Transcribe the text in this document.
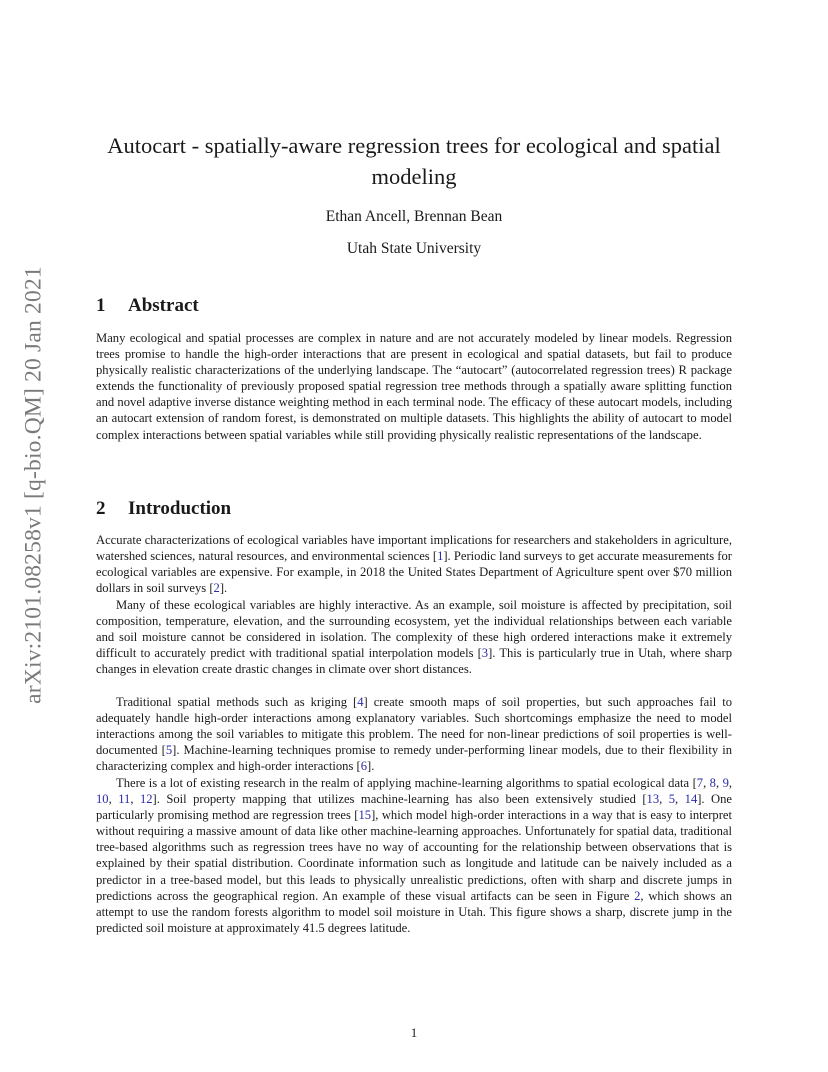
arXiv:2101.08258v1 [q-bio.QM] 20 Jan 2021
Autocart - spatially-aware regression trees for ecological and spatial modeling
Ethan Ancell, Brennan Bean
Utah State University
1 Abstract

Many ecological and spatial processes are complex in nature and are not accurately modeled by linear models. Regression trees promise to handle the high-order interactions that are present in ecological and spatial datasets, but fail to produce physically realistic characterizations of the underlying landscape. The “autocart” (autocorrelated regression trees) R package extends the functionality of previously proposed spatial regression tree methods through a spatially aware splitting function and novel adaptive inverse distance weighting method in each terminal node. The efficacy of these autocart models, including an autocart extension of random forest, is demonstrated on multiple datasets. This highlights the ability of autocart to model complex interactions between spatial variables while still providing physically realistic representations of the landscape.

2 Introduction

Accurate characterizations of ecological variables have important implications for researchers and stakeholders in agriculture, watershed sciences, natural resources, and environmental sciences [1]. Periodic land surveys to get accurate measurements for ecological variables are expensive. For example, in 2018 the United States Department of Agriculture spent over $70 million dollars in soil surveys [2].

Many of these ecological variables are highly interactive. As an example, soil moisture is affected by precipitation, soil composition, temperature, elevation, and the surrounding ecosystem, yet the individual relationships between each variable and soil moisture cannot be considered in isolation. The complexity of these high ordered interactions make it extremely difficult to accurately predict with traditional spatial interpolation models [3]. This is particularly true in Utah, where sharp changes in elevation create drastic changes in climate over short distances.

Traditional spatial methods such as kriging [4] create smooth maps of soil properties, but such approaches fail to adequately handle high-order interactions among explanatory variables. Such shortcomings emphasize the need to model interactions among the soil variables to mitigate this problem. The need for non-linear predictions of soil properties is well-documented [5]. Machine-learning techniques promise to remedy under-performing linear models, due to their flexibility in characterizing complex and high-order interactions [6].

There is a lot of existing research in the realm of applying machine-learning algorithms to spatial ecological data [7, 8, 9, 10, 11, 12]. Soil property mapping that utilizes machine-learning has also been extensively studied [13, 5, 14]. One particularly promising method are regression trees [15], which model high-order interactions in a way that is easy to interpret without requiring a massive amount of data like other machine-learning approaches. Unfortunately for spatial data, traditional tree-based algorithms such as regression trees have no way of accounting for the relationship between observations that is explained by their spatial distribution. Coordinate information such as longitude and latitude can be naively included as a predictor in a tree-based model, but this leads to physically unrealistic predictions, often with sharp and discrete jumps in predictions across the geographical region. An example of these visual artifacts can be seen in Figure 2, which shows an attempt to use the random forests algorithm to model soil moisture in Utah. This figure shows a sharp, discrete jump in the predicted soil moisture at approximately 41.5 degrees latitude.

1
